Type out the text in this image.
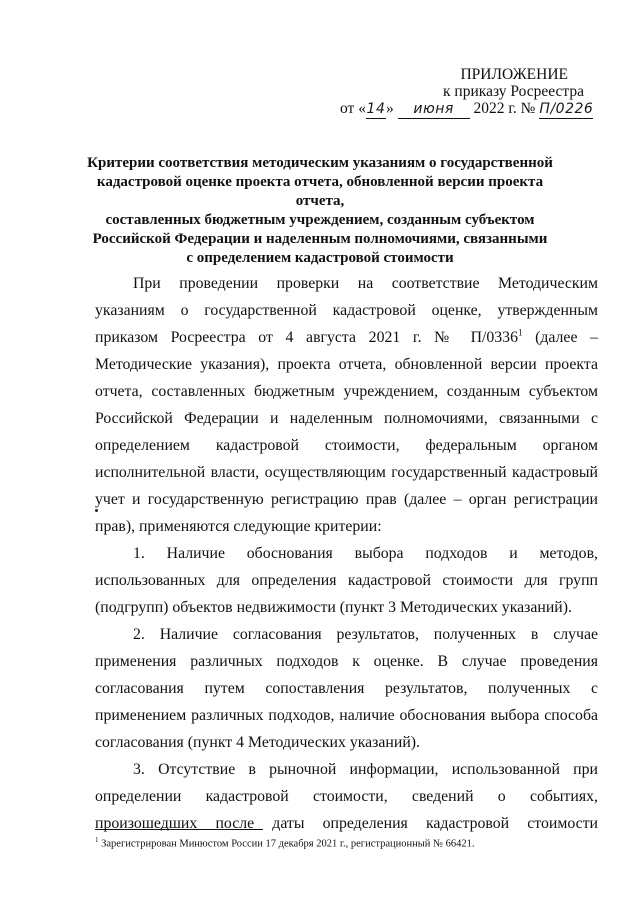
ПРИЛОЖЕНИЕ
к приказу Росреестра
от «14» июня 2022 г. № П/0226
Критерии соответствия методическим указаниям о государственной
кадастровой оценке проекта отчета, обновленной версии проекта отчета,
составленных бюджетным учреждением, созданным субъектом
Российской Федерации и наделенным полномочиями, связанными
с определением кадастровой стоимости

При проведении проверки на соответствие Методическим указаниям о государственной кадастровой оценке, утвержденным приказом Росреестра от 4 августа 2021 г. № П/0336$^1$ (далее – Методические указания), проекта отчета, обновленной версии проекта отчета, составленных бюджетным учреждением, созданным субъектом Российской Федерации и наделенным полномочиями, связанными с определением кадастровой стоимости, федеральным органом исполнительной власти, осуществляющим государственный кадастровый учет и государственную регистрацию прав (далее – орган регистрации прав), применяются следующие критерии:

1. Наличие обоснования выбора подходов и методов, использованных для определения кадастровой стоимости для групп (подгрупп) объектов недвижимости (пункт 3 Методических указаний).

2. Наличие согласования результатов, полученных в случае применения различных подходов к оценке. В случае проведения согласования путем сопоставления результатов, полученных с применением различных подходов, наличие обоснования выбора способа согласования (пункт 4 Методических указаний).

3. Отсутствие в рыночной информации, использованной при определении кадастровой стоимости, сведений о событиях, произошедших после даты определения кадастровой стоимости

$^1$ Зарегистрирован Минюстом России 17 декабря 2021 г., регистрационный № 66421.
